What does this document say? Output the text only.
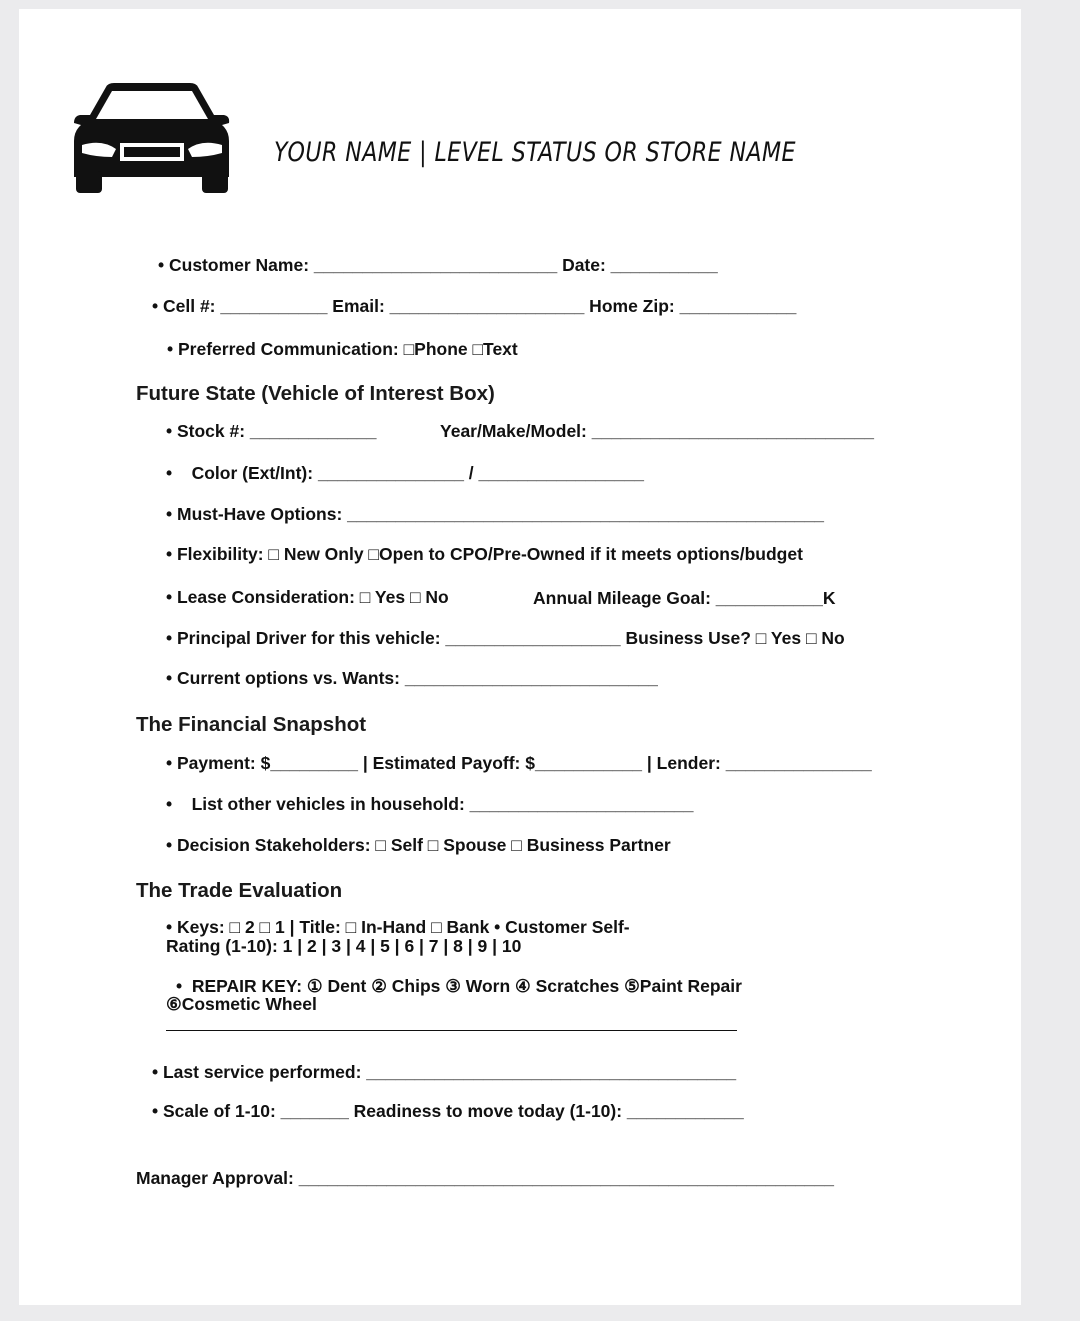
YOUR NAME | LEVEL STATUS OR STORE NAME
• Customer Name: _________________________ Date: ___________
• Cell #: ___________ Email: ____________________ Home Zip: ____________
• Preferred Communication: □Phone □Text
Future State (Vehicle of Interest Box)
• Stock #: _____________	Year/Make/Model: _____________________________
•    Color (Ext/Int): _______________ / _________________
• Must-Have Options: _________________________________________________
• Flexibility: □ New Only □Open to CPO/Pre-Owned if it meets options/budget
• Lease Consideration: □ Yes □ No	Annual Mileage Goal: ___________K
• Principal Driver for this vehicle: __________________ Business Use? □ Yes □ No
• Current options vs. Wants: __________________________
The Financial Snapshot
• Payment: $_________ | Estimated Payoff: $___________ | Lender: _______________
•    List other vehicles in household: _______________________
• Decision Stakeholders: □ Self □ Spouse □ Business Partner
The Trade Evaluation
• Keys: □ 2 □ 1 | Title: □ In-Hand □ Bank • Customer Self-
Rating (1-10): 1 | 2 | 3 | 4 | 5 | 6 | 7 | 8 | 9 | 10
•  REPAIR KEY: ① Dent ② Chips ③ Worn ④ Scratches ⑤Paint Repair
⑥Cosmetic Wheel
• Last service performed: ______________________________________
• Scale of 1-10: _______ Readiness to move today (1-10): ____________
Manager Approval: _______________________________________________________
